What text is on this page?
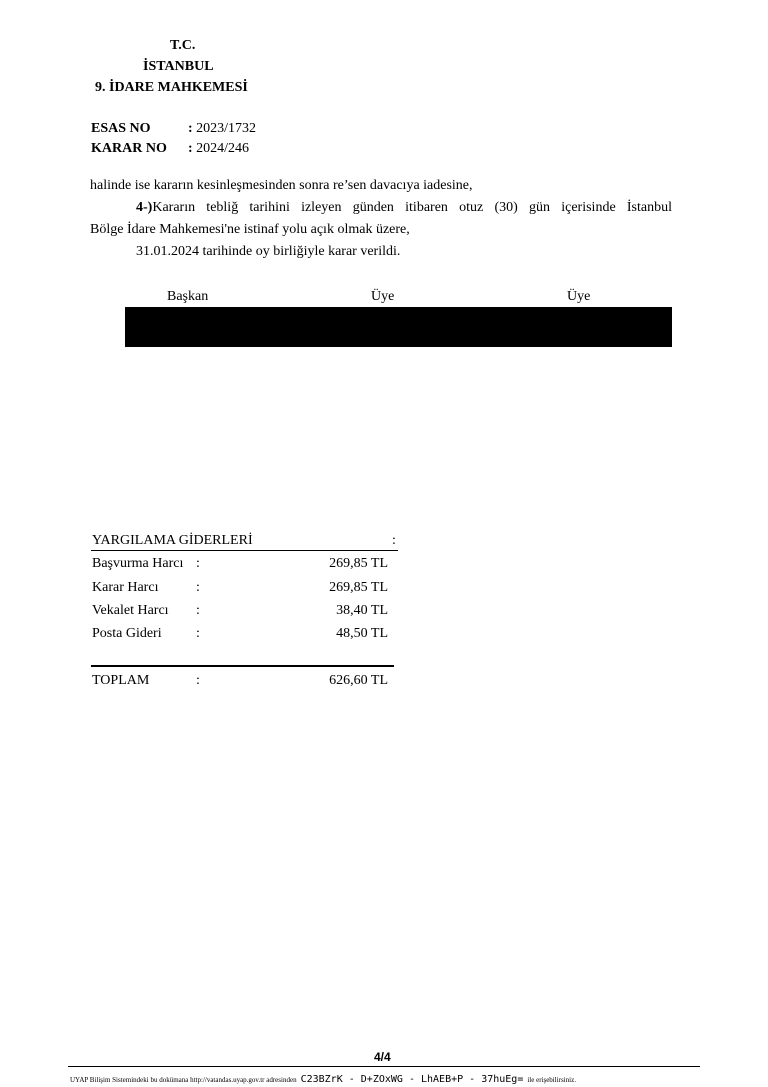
T.C.
İSTANBUL
9. İDARE MAHKEMESİ
ESAS NO	: 2023/1732
KARAR NO : 2024/246
halinde ise kararın kesinleşmesinden sonra re’sen davacıya iadesine,
4-)Kararın tebliğ tarihini izleyen günden itibaren otuz (30) gün içerisinde İstanbul
Bölge İdare Mahkemesi'ne istinaf yolu açık olmak üzere,
31.01.2024 tarihinde oy birliğiyle karar verildi.
Başkan	Üye	Üye
YARGILAMA GİDERLERİ	:
Başvurma Harcı :	269,85 TL
Karar Harcı	:	269,85 TL
Vekalet Harcı :	38,40 TL
Posta Gideri :	48,50 TL
TOPLAM	:	626,60 TL
4/4
UYAP Bilişim Sistemindeki bu dokümana http://vatandas.uyap.gov.tr adresinden C23BZrK - D+ZOxWG - LhAEB+P - 37huEg= ile erişebilirsiniz.
